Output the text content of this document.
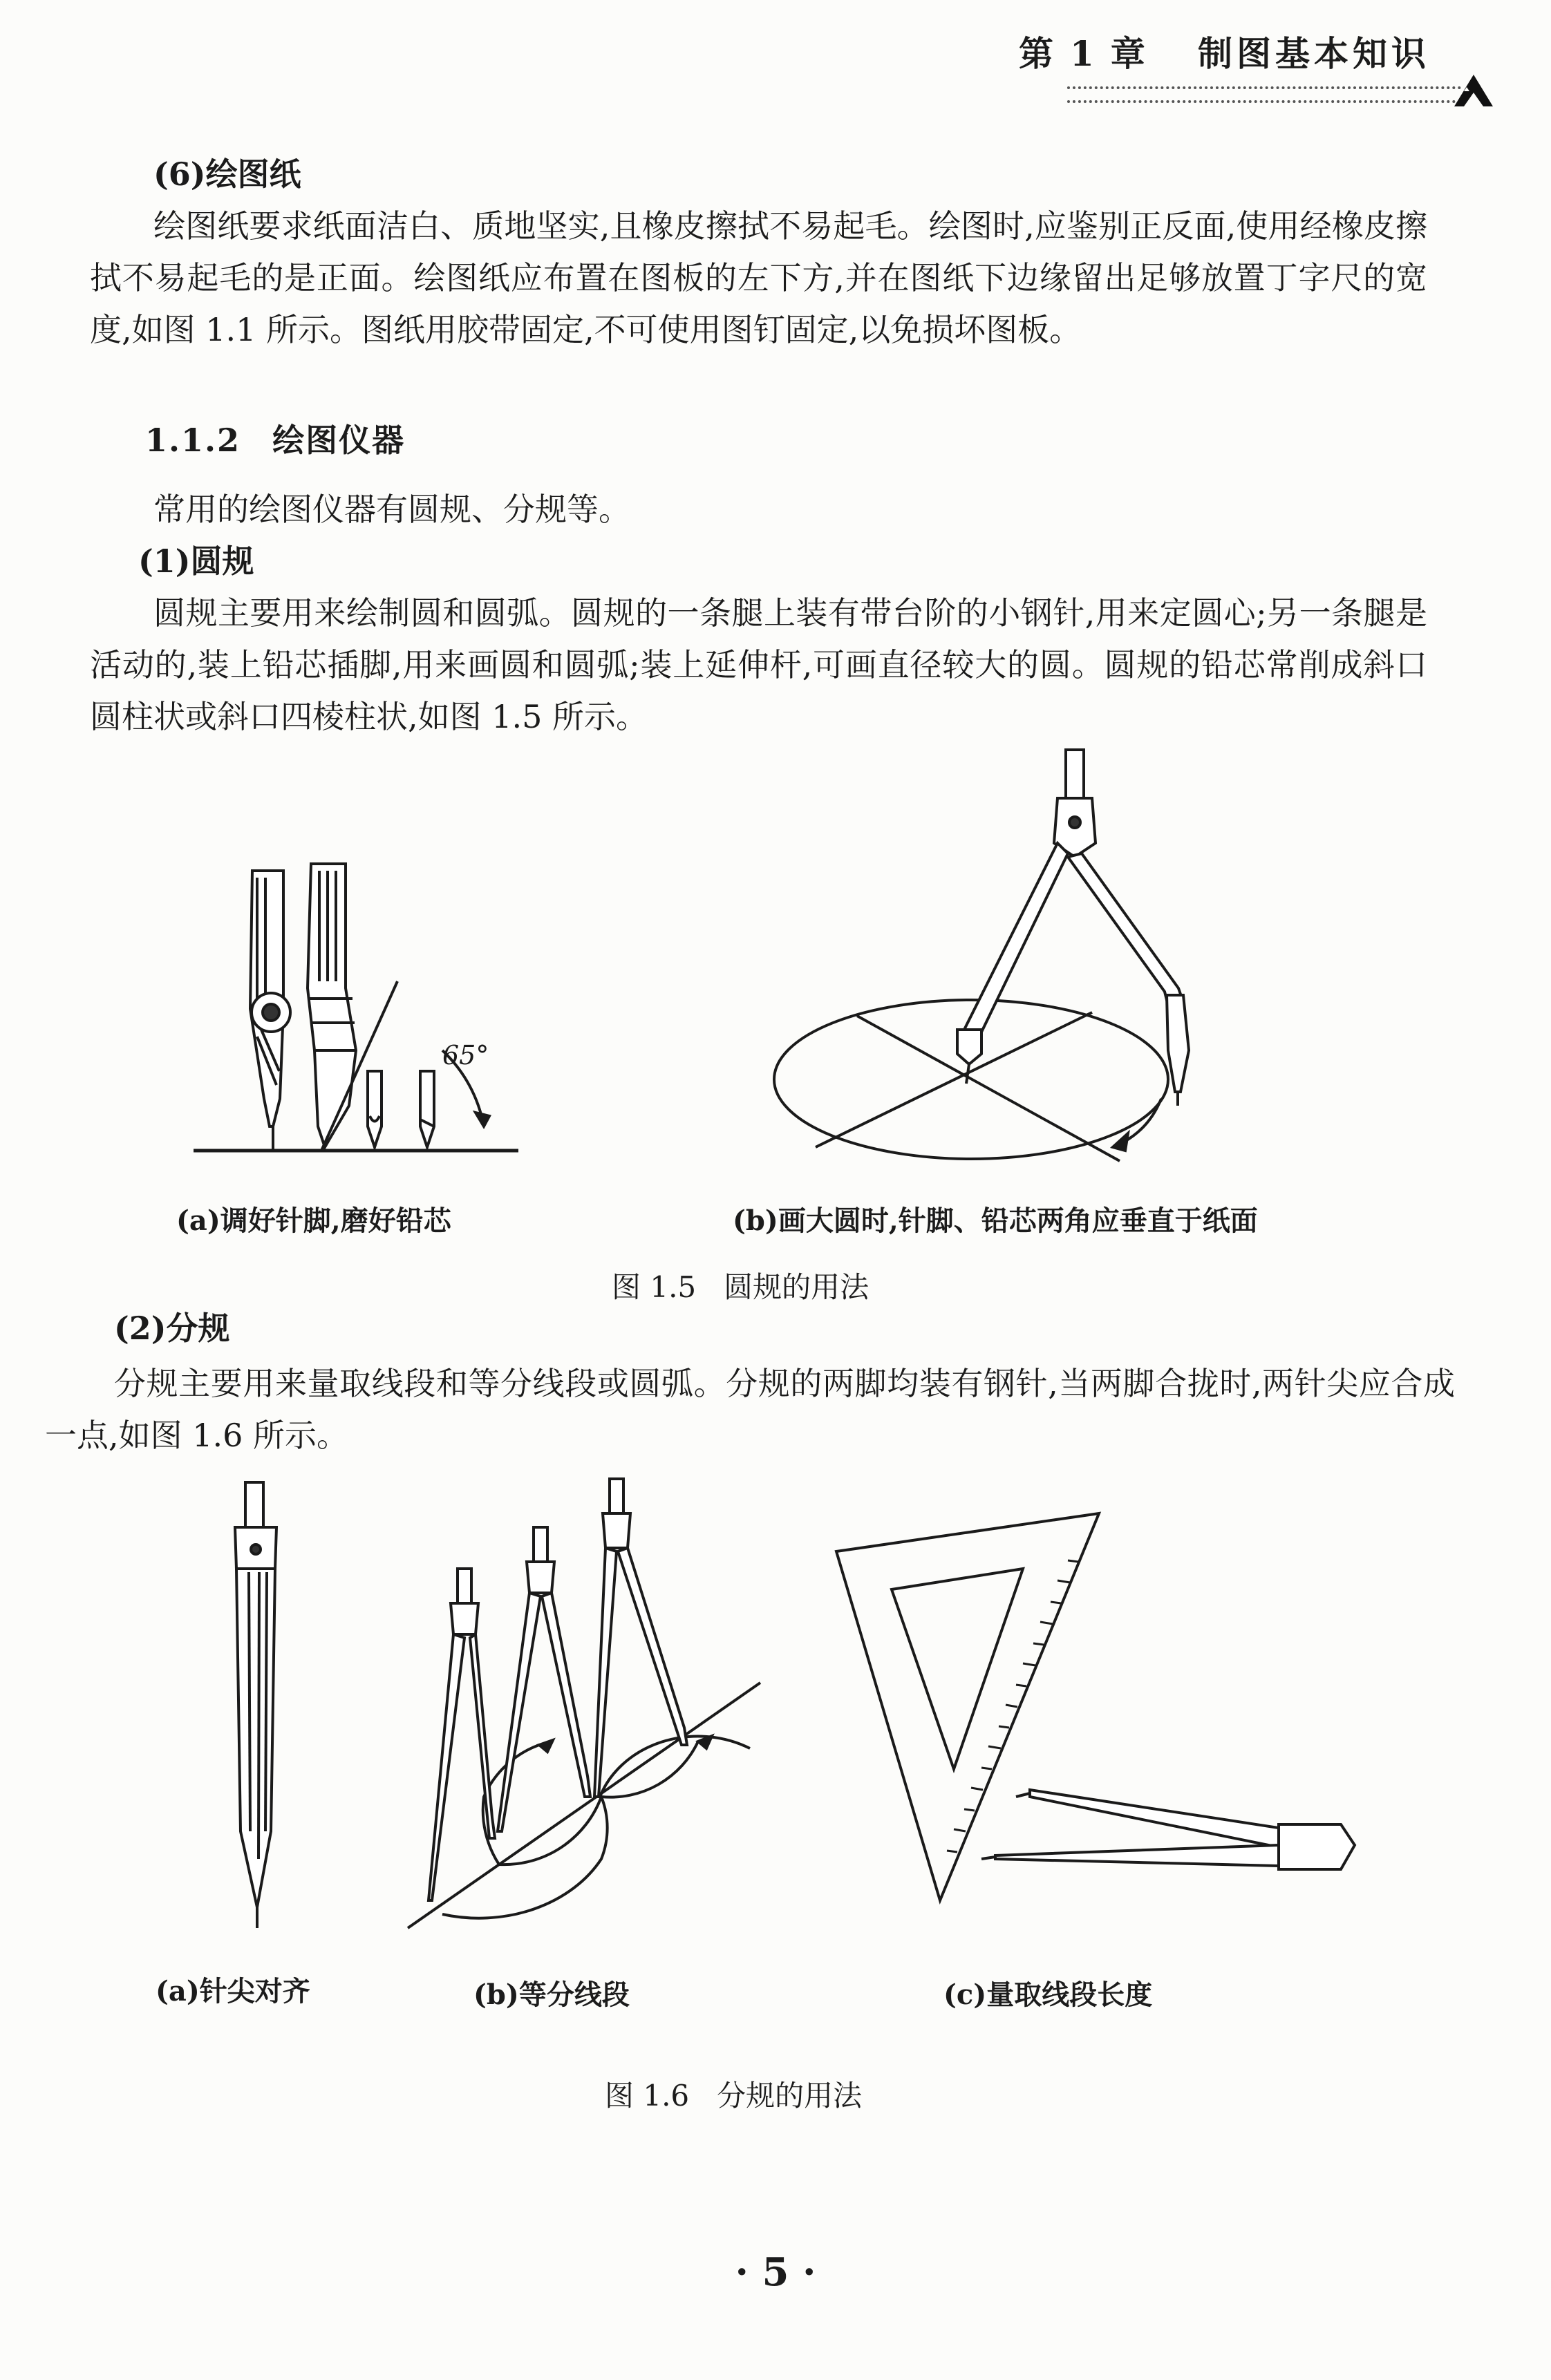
第 1 章 制图基本知识

(6)绘图纸

绘图纸要求纸面洁白、质地坚实,且橡皮擦拭不易起毛。绘图时,应鉴别正反面,使用经橡皮擦拭不易起毛的是正面。绘图纸应布置在图板的左下方,并在图纸下边缘留出足够放置丁字尺的宽度,如图 1.1 所示。图纸用胶带固定,不可使用图钉固定,以免损坏图板。

1.1.2 绘图仪器

常用的绘图仪器有圆规、分规等。

(1)圆规

圆规主要用来绘制圆和圆弧。圆规的一条腿上装有带台阶的小钢针,用来定圆心;另一条腿是活动的,装上铅芯插脚,用来画圆和圆弧;装上延伸杆,可画直径较大的圆。圆规的铅芯常削成斜口圆柱状或斜口四棱柱状,如图 1.5 所示。

65°
(a)调好针脚,磨好铅芯	(b)画大圆时,针脚、铅芯两角应垂直于纸面
图 1.5 圆规的用法

(2)分规

分规主要用来量取线段和等分线段或圆弧。分规的两脚均装有钢针,当两脚合拢时,两针尖应合成一点,如图 1.6 所示。

(a)针尖对齐	(b)等分线段	(c)量取线段长度
图 1.6 分规的用法
· 5 ·
